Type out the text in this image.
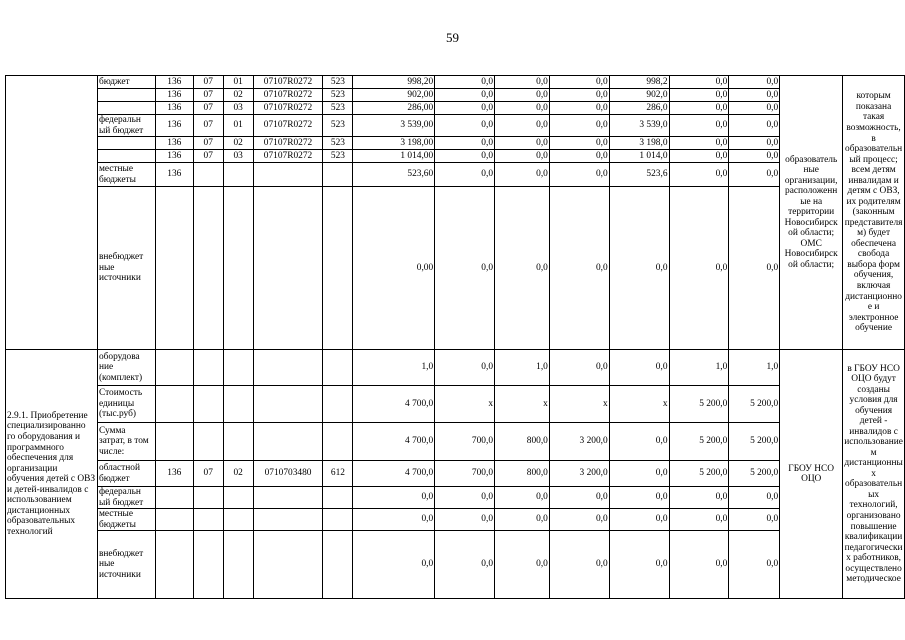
59
	бюджет	136	07	01	07107R0272	523	998,20	0,0	0,0	0,0	998,2	0,0	0,0	образователь ные организации, расположенн ые на территории Новосибирск ой области; ОМС Новосибирск ой области;	которым показана такая возможность, в образовательн ый процесс; всем детям инвалидам и детям с ОВЗ, их родителям (законным представителя м) будет обеспечена свобода выбора форм обучения, включая дистанционно е и электронное обучение
		136	07	02	07107R0272	523	902,00	0,0	0,0	0,0	902,0	0,0	0,0		
		136	07	03	07107R0272	523	286,00	0,0	0,0	0,0	286,0	0,0	0,0		
	федеральн ый бюджет	136	07	01	07107R0272	523	3 539,00	0,0	0,0	0,0	3 539,0	0,0	0,0		
		136	07	02	07107R0272	523	3 198,00	0,0	0,0	0,0	3 198,0	0,0	0,0		
		136	07	03	07107R0272	523	1 014,00	0,0	0,0	0,0	1 014,0	0,0	0,0		
	местные бюджеты	136					523,60	0,0	0,0	0,0	523,6	0,0	0,0		
	внебюджет ные источники						0,00	0,0	0,0	0,0	0,0	0,0	0,0		
2.9.1. Приобретение специализированно го оборудования и программного обеспечения для организации обучения детей с ОВЗ и детей-инвалидов с использованием дистанционных образовательных технологий	оборудова ние (комплект)						1,0	0,0	1,0	0,0	0,0	1,0	1,0	ГБОУ НСО ОЦО	в ГБОУ НСО ОЦО будут созданы условия для обучения детей - инвалидов с использование м дистанционны х образовательн ых технологий, организовано повышение квалификации педагогически х работников, осуществлено методическое
	Стоимость единицы (тыс.руб)						4 700,0	x	x	x	x	5 200,0	5 200,0		
	Сумма затрат, в том числе:						4 700,0	700,0	800,0	3 200,0	0,0	5 200,0	5 200,0		
	областной бюджет	136	07	02	0710703480	612	4 700,0	700,0	800,0	3 200,0	0,0	5 200,0	5 200,0		
	федеральн ый бюджет						0,0	0,0	0,0	0,0	0,0	0,0	0,0		
	местные бюджеты						0,0	0,0	0,0	0,0	0,0	0,0	0,0		
	внебюджет ные источники						0,0	0,0	0,0	0,0	0,0	0,0	0,0		
